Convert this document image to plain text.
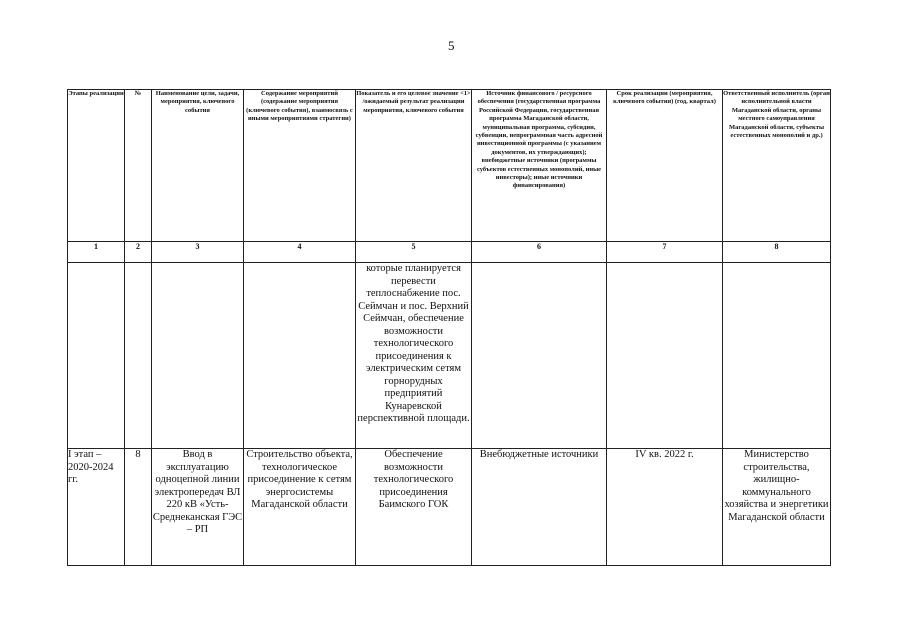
5
Этапы реализации	№	Наименование цели, задачи, мероприятия, ключевого события	Содержание мероприятий (содержание мероприятия (ключевого события), взаимосвязь с иными мероприятиями стратегии)	Показатель и его целевое значение <1> /ожидаемый результат реализации мероприятия, ключевого события	Источник финансового / ресурсного обеспечения (государственная программа Российской Федерации, государственная программа Магаданской области, муниципальная программа, субсидии, субвенции, непрограммная часть адресной инвестиционной программы (с указанием документов, их утверждающих); внебюджетные источники (программы субъектов естественных монополий, иные инвесторы); иные источники финансирования)	Срок реализации (мероприятия, ключевого события) (год, квартал)	Ответственный исполнитель (орган исполнительной власти Магаданской области, органы местного самоуправления Магаданской области, субъекты естественных монополий и др.)

1	2	3	4	5	6	7	8
				которые планируется перевести теплоснабжение пос. Сеймчан и пос. Верхний Сеймчан, обеспечение возможности технологического присоединения к электрическим сетям горнорудных предприятий Кунаревской перспективной площади.			
I этап – 2020-2024 гг.	8	Ввод в эксплуатацию одноцепной линии электропередач ВЛ 220 кВ «Усть-Среднеканская ГЭС – РП	Строительство объекта, технологическое присоединение к сетям энергосистемы Магаданской области	Обеспечение возможности технологического присоединения Баимского ГОК	Внебюджетные источники	IV кв. 2022 г.	Министерство строительства, жилищно-коммунального хозяйства и энергетики Магаданской области
